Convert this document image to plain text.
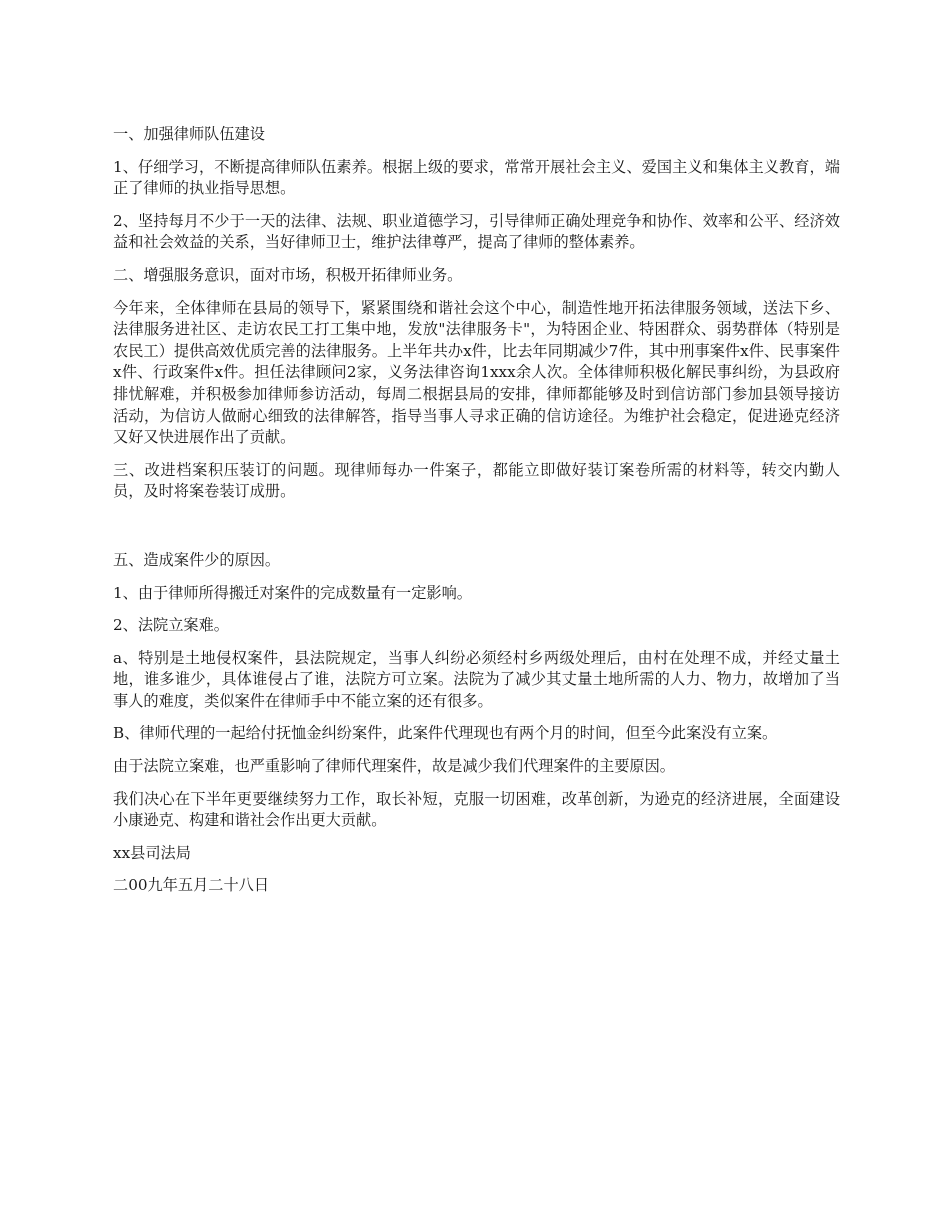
一、加强律师队伍建设

1、仔细学习，不断提高律师队伍素养。根据上级的要求，常常开展社会主义、爱国主义和集体主义教育，端正了律师的执业指导思想。

2、坚持每月不少于一天的法律、法规、职业道德学习，引导律师正确处理竞争和协作、效率和公平、经济效益和社会效益的关系，当好律师卫士，维护法律尊严，提高了律师的整体素养。

二、增强服务意识，面对市场，积极开拓律师业务。

今年来，全体律师在县局的领导下，紧紧围绕和谐社会这个中心，制造性地开拓法律服务领域，送法下乡、法律服务进社区、走访农民工打工集中地，发放"法律服务卡"，为特困企业、特困群众、弱势群体（特别是农民工）提供高效优质完善的法律服务。上半年共办x件，比去年同期减少7件，其中刑事案件x件、民事案件x件、行政案件x件。担任法律顾问2家，义务法律咨询1xxx余人次。全体律师积极化解民事纠纷，为县政府排忧解难，并积极参加律师参访活动，每周二根据县局的安排，律师都能够及时到信访部门参加县领导接访活动，为信访人做耐心细致的法律解答，指导当事人寻求正确的信访途径。为维护社会稳定，促进逊克经济又好又快进展作出了贡献。

三、改进档案积压装订的问题。现律师每办一件案子，都能立即做好装订案卷所需的材料等，转交内勤人员，及时将案卷装订成册。

五、造成案件少的原因。

1、由于律师所得搬迁对案件的完成数量有一定影响。

2、法院立案难。

a、特别是土地侵权案件，县法院规定，当事人纠纷必须经村乡两级处理后，由村在处理不成，并经丈量土地，谁多谁少，具体谁侵占了谁，法院方可立案。法院为了减少其丈量土地所需的人力、物力，故增加了当事人的难度，类似案件在律师手中不能立案的还有很多。

B、律师代理的一起给付抚恤金纠纷案件，此案件代理现也有两个月的时间，但至今此案没有立案。

由于法院立案难，也严重影响了律师代理案件，故是减少我们代理案件的主要原因。

我们决心在下半年更要继续努力工作，取长补短，克服一切困难，改革创新，为逊克的经济进展，全面建设小康逊克、构建和谐社会作出更大贡献。

xx县司法局

二00九年五月二十八日
